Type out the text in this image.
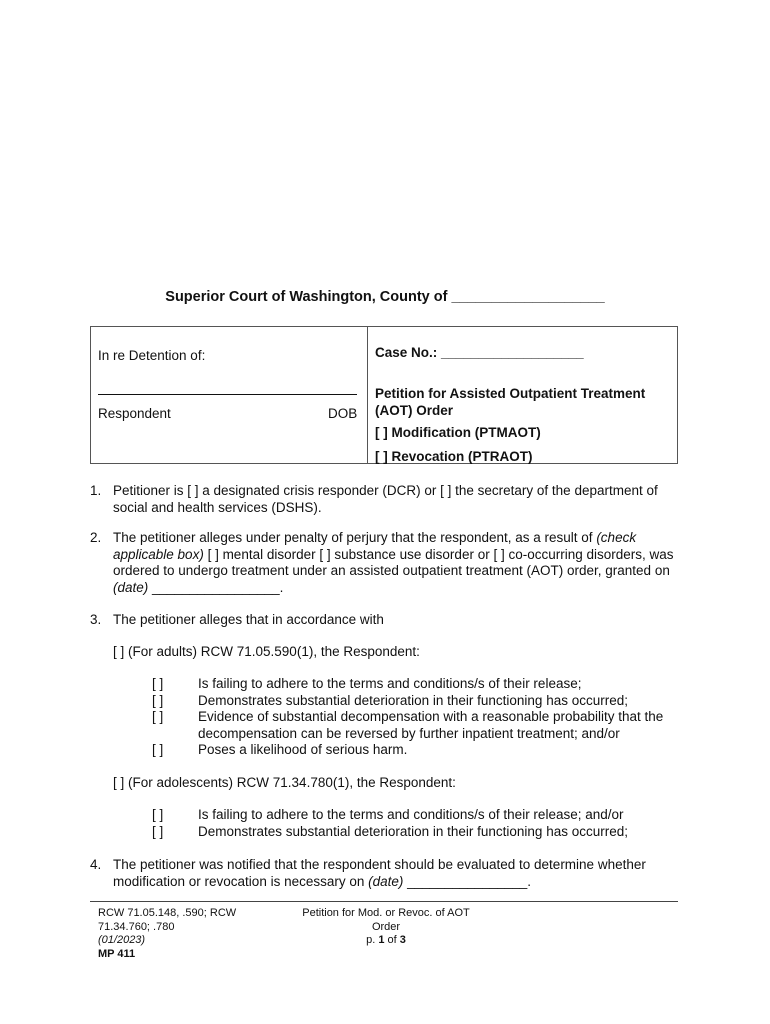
Superior Court of Washington, County of ___________________
In re Detention of:
Respondent	DOB
Case No.: ___________________
Petition for Assisted Outpatient Treatment (AOT) Order
[ ] Modification (PTMAOT)
[ ] Revocation (PTRAOT)
1. Petitioner is [ ] a designated crisis responder (DCR) or [ ] the secretary of the department of social and health services (DSHS).
2. The petitioner alleges under penalty of perjury that the respondent, as a result of (check applicable box) [ ] mental disorder [ ] substance use disorder or [ ] co-occurring disorders, was ordered to undergo treatment under an assisted outpatient treatment (AOT) order, granted on (date) _________________.
3. The petitioner alleges that in accordance with
[ ] (For adults) RCW 71.05.590(1), the Respondent:
[ ]	Is failing to adhere to the terms and conditions/s of their release;
[ ]	Demonstrates substantial deterioration in their functioning has occurred;
[ ]	Evidence of substantial decompensation with a reasonable probability that the decompensation can be reversed by further inpatient treatment; and/or
[ ]	Poses a likelihood of serious harm.
[ ] (For adolescents) RCW 71.34.780(1), the Respondent:
[ ]	Is failing to adhere to the terms and conditions/s of their release; and/or
[ ]	Demonstrates substantial deterioration in their functioning has occurred;
4. The petitioner was notified that the respondent should be evaluated to determine whether modification or revocation is necessary on (date) ________________.
RCW 71.05.148, .590; RCW
71.34.760; .780
(01/2023)
MP 411
Petition for Mod. or Revoc. of AOT
Order
p. 1 of 3
